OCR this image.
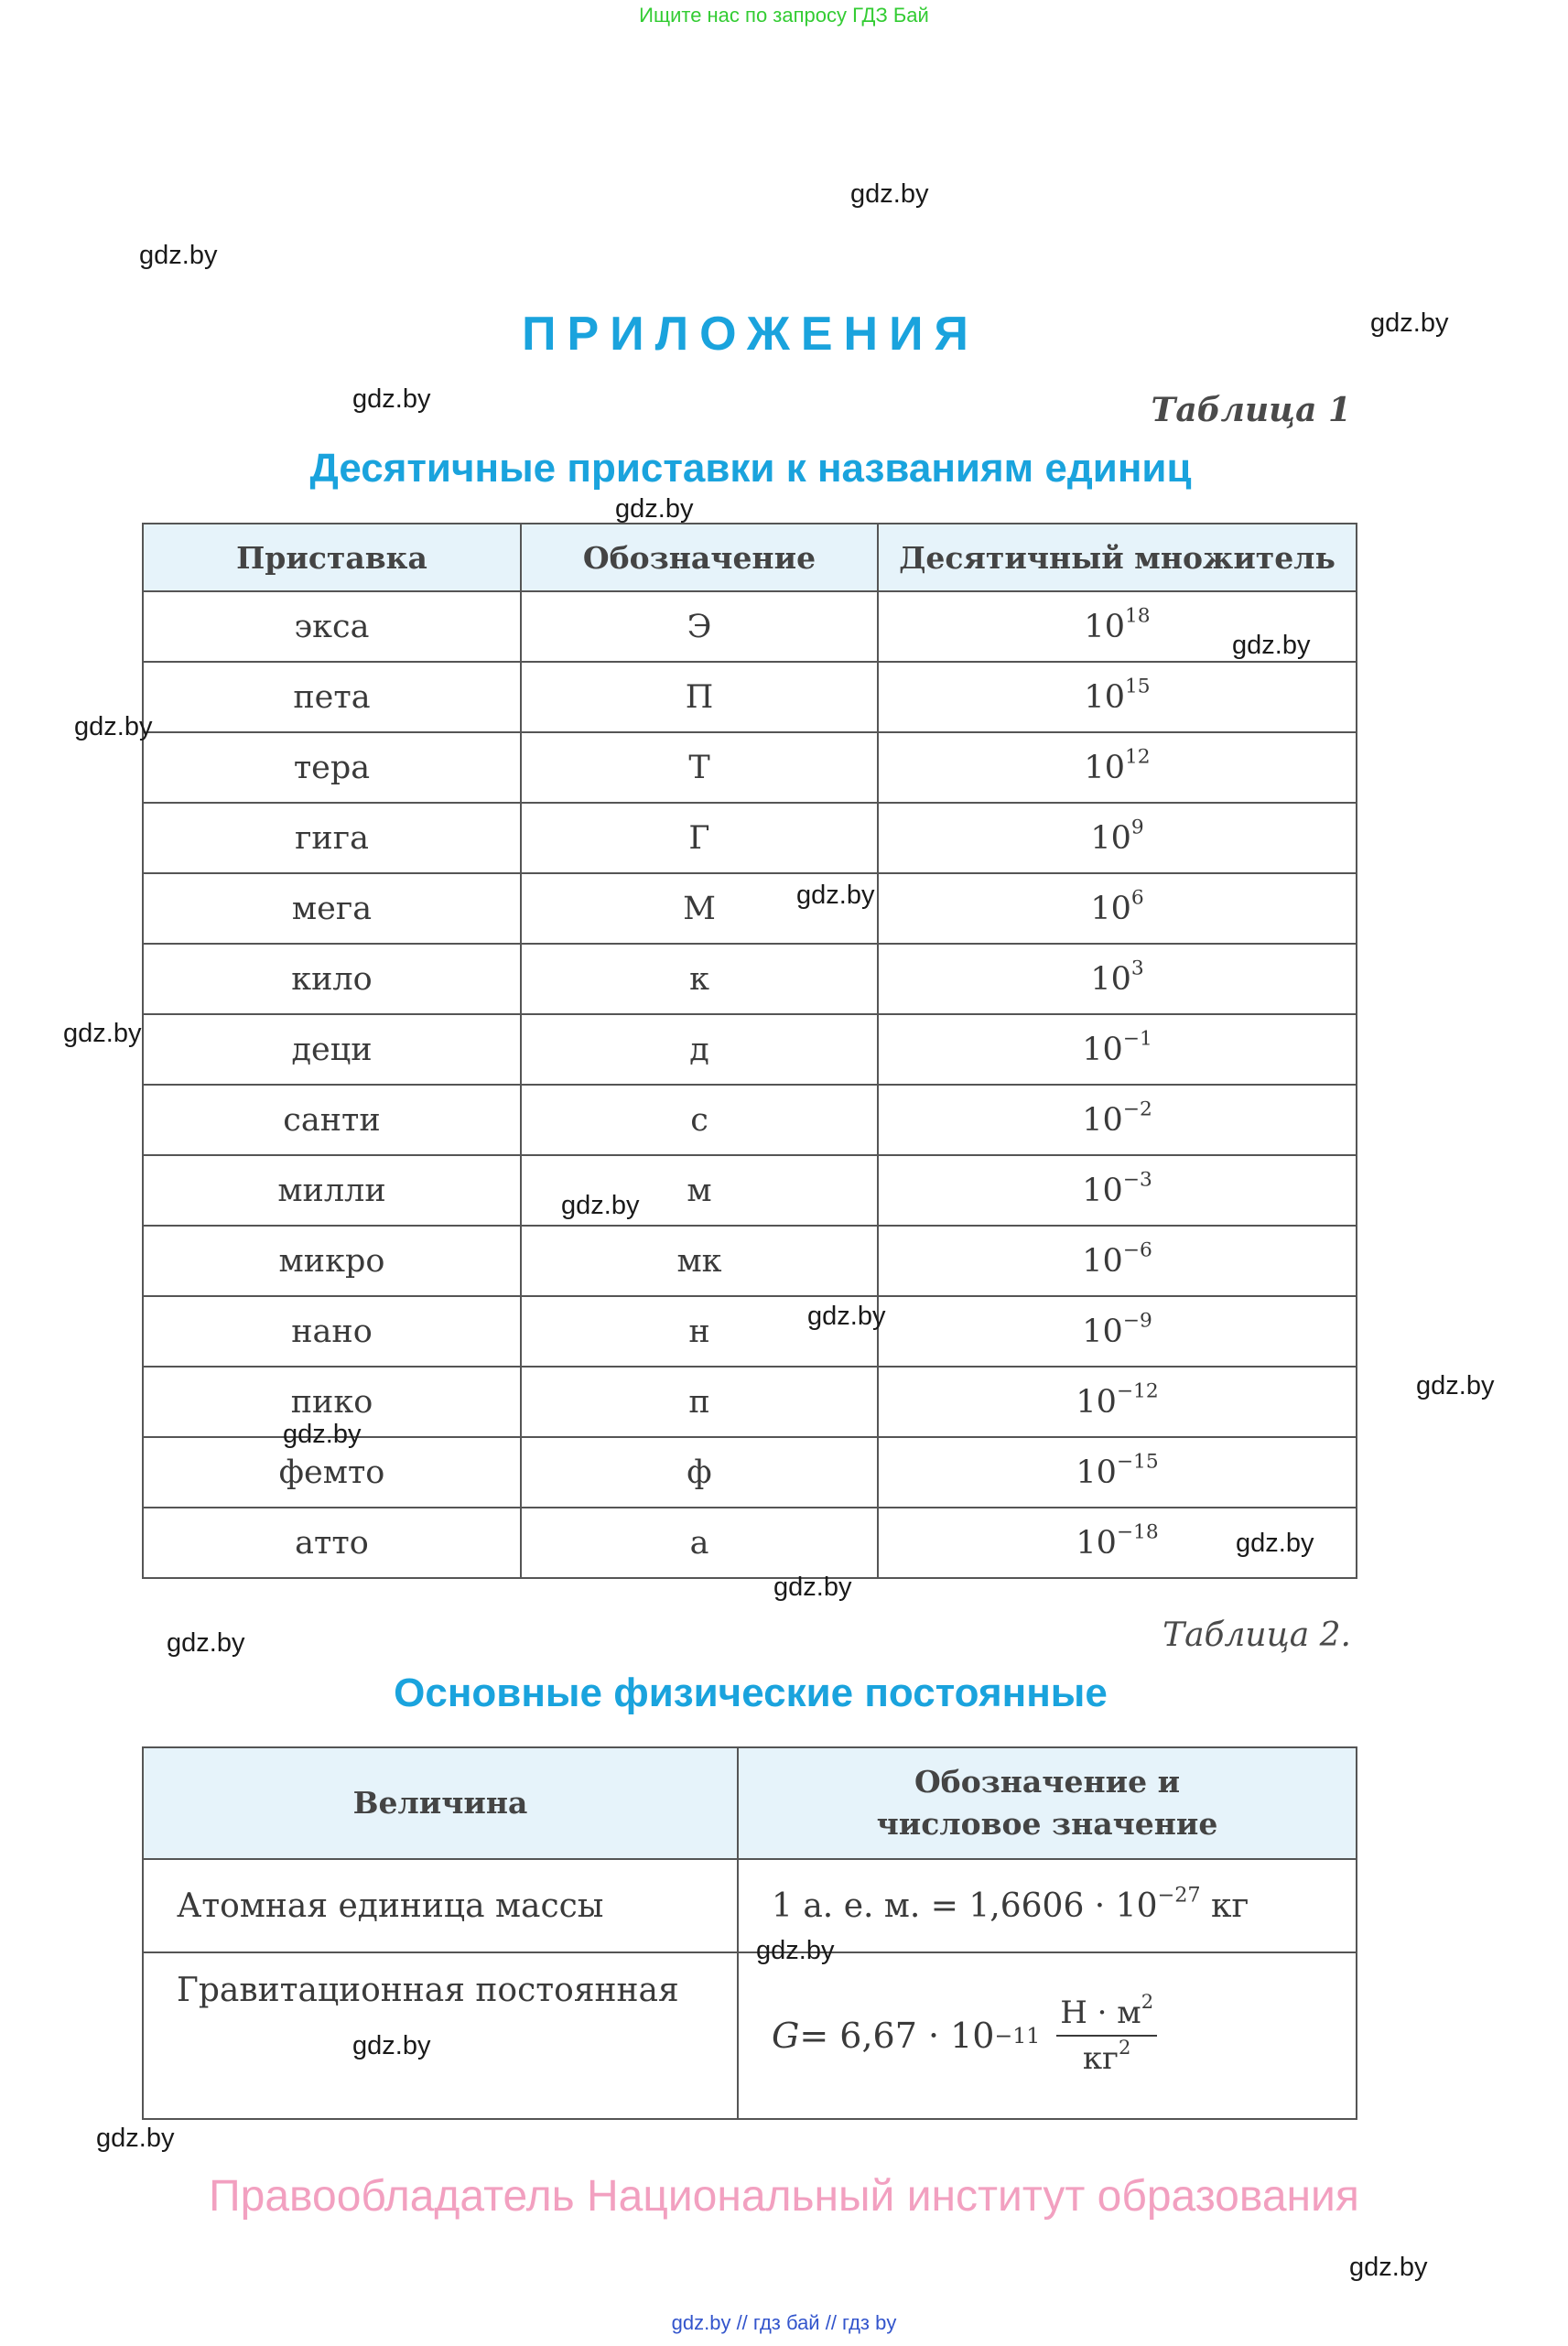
Ищите нас по запросу ГДЗ Бай
gdz.by
gdz.by
gdz.by
gdz.by
gdz.by
gdz.by
gdz.by
gdz.by
gdz.by
gdz.by
gdz.by
gdz.by
gdz.by
gdz.by
gdz.by
gdz.by
gdz.by
gdz.by
gdz.by
gdz.by
ПРИЛОЖЕНИЯ
Таблица 1
Десятичные приставки к названиям единиц
Приставка	Обозначение	Десятичный множитель
экса	Э	$10^{18}$
пета	П	$10^{15}$
тера	Т	$10^{12}$
гига	Г	$10^9$
мега	М	$10^6$
кило	к	$10^3$
деци	д	$10^{-1}$
санти	с	$10^{-2}$
милли	м	$10^{-3}$
микро	мк	$10^{-6}$
нано	н	$10^{-9}$
пико	п	$10^{-12}$
фемто	ф	$10^{-15}$
атто	а	$10^{-18}$
Таблица 2.
Основные физические постоянные
Величина	Обозначение и числовое значение

Атомная единица массы	1 а. е. м. = $1,6606 \cdot 10^{-27}$ кг
Гравитационная постоянная	$G = 6,67 \cdot 10 -11 \frac{Н \cdot м^2}{кг^2}$
Правообладатель Национальный институт образования
gdz.by // гдз бай // гдз by
